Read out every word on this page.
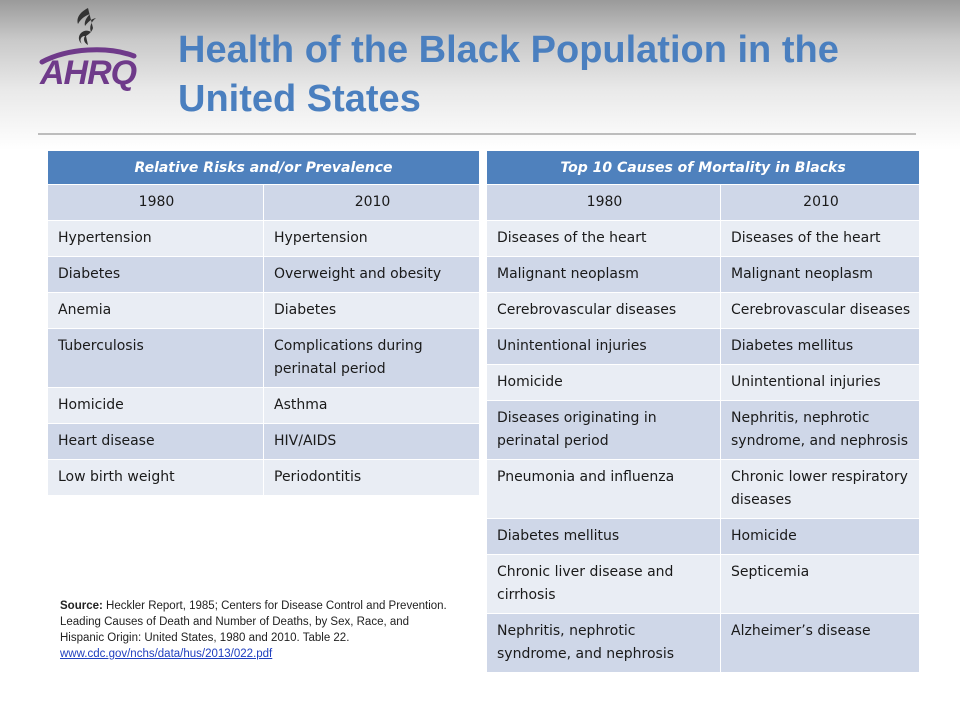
AHRQ
Health of the Black Population in the United States
Relative Risks and/or Prevalence	
1980	2010
Hypertension	Hypertension
Diabetes	Overweight and obesity
Anemia	Diabetes
Tuberculosis	Complications during perinatal period
Homicide	Asthma
Heart disease	HIV/AIDS
Low birth weight	Periodontitis
Top 10 Causes of Mortality in Blacks	
1980	2010
Diseases of the heart	Diseases of the heart
Malignant neoplasm	Malignant neoplasm
Cerebrovascular diseases	Cerebrovascular diseases
Unintentional injuries	Diabetes mellitus
Homicide	Unintentional injuries
Diseases originating in perinatal period	Nephritis, nephrotic syndrome, and nephrosis
Pneumonia and influenza	Chronic lower respiratory diseases
Diabetes mellitus	Homicide
Chronic liver disease and cirrhosis	Septicemia
Nephritis, nephrotic syndrome, and nephrosis	Alzheimer’s disease
Source: Heckler Report, 1985; Centers for Disease Control and Prevention. Leading Causes of Death and Number of Deaths, by Sex, Race, and Hispanic Origin: United States, 1980 and 2010. Table 22. www.cdc.gov/nchs/data/hus/2013/022.pdf
